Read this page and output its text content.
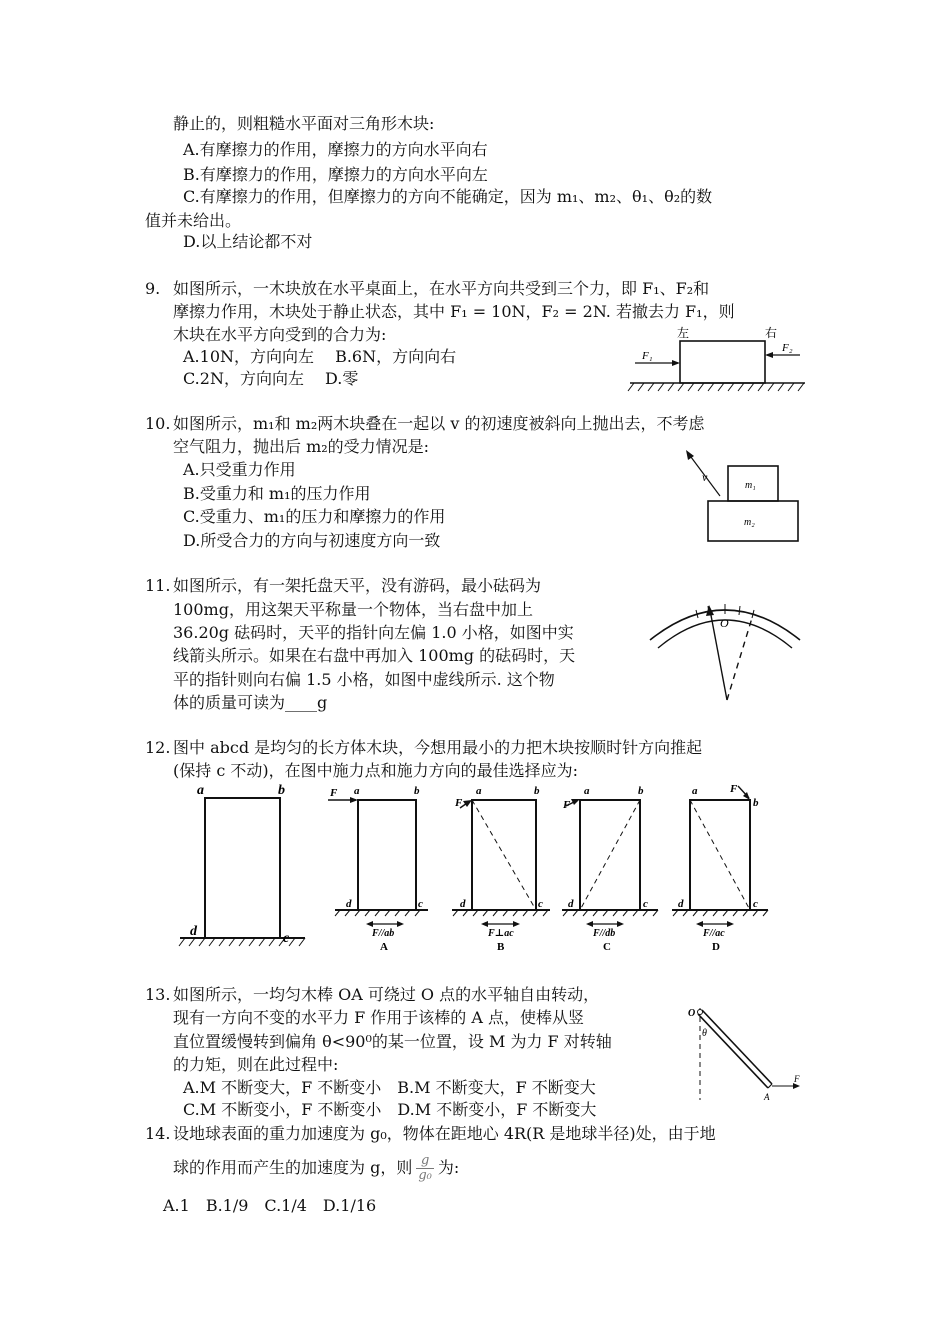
静止的，则粗糙水平面对三角形木块:
A.有摩擦力的作用，摩擦力的方向水平向右
B.有摩擦力的作用，摩擦力的方向水平向左
C.有摩擦力的作用，但摩擦力的方向不能确定，因为 m₁、m₂、θ₁、θ₂的数
值并未给出。
D.以上结论都不对
9. 如图所示，一木块放在水平桌面上，在水平方向共受到三个力，即 F₁、F₂和
摩擦力作用，木块处于静止状态，其中 F₁ = 10N，F₂ = 2N. 若撤去力 F₁，则
木块在水平方向受到的合力为:
A.10N，方向向左　 B.6N，方向向右
C.2N，方向向左　 D.零
左	右
F₁
F₂
10. 如图所示，m₁和 m₂两木块叠在一起以 v 的初速度被斜向上抛出去，不考虑
空气阻力，抛出后 m₂的受力情况是:
A.只受重力作用
B.受重力和 m₁的压力作用
C.受重力、m₁的压力和摩擦力的作用
D.所受合力的方向与初速度方向一致
m₁
m₂
v
11. 如图所示，有一架托盘天平，没有游码，最小砝码为
100mg，用这架天平称量一个物体，当右盘中加上
36.20g 砝码时，天平的指针向左偏 1.0 小格，如图中实
线箭头所示。如果在右盘中再加入 100mg 的砝码时，天
平的指针则向右偏 1.5 小格，如图中虚线所示. 这个物
体的质量可读为____g
O
12. 图中 abcd 是均匀的长方体木块，今想用最小的力把木块按顺时针方向推起
(保持 c 不动)，在图中施力点和施力方向的最佳选择应为:
a	b
d	c
F a	b
d	c
F//ab
A
F
a	b
d	c
F⊥ac
B
F
a	b
d	c
F//db
C
F
a
b
d	c
F//ac
D
13. 如图所示，一均匀木棒 OA 可绕过 O 点的水平轴自由转动，
现有一方向不变的水平力 F 作用于该棒的 A 点，使棒从竖
直位置缓慢转到偏角 θ<90⁰的某一位置，设 M 为力 F 对转轴
的力矩，则在此过程中:
A.M 不断变大，F 不断变小　B.M 不断变大，F 不断变大
C.M 不断变小，F 不断变小　D.M 不断变小，F 不断变大
O
θ
A
F
14. 设地球表面的重力加速度为 g₀，物体在距地心 4R(R 是地球半径)处，由于地
球的作用而产生的加速度为 g，则 $\frac{g}{\text{g₀}}$ 为:
A.1　B.1/9　C.1/4　D.1/16
